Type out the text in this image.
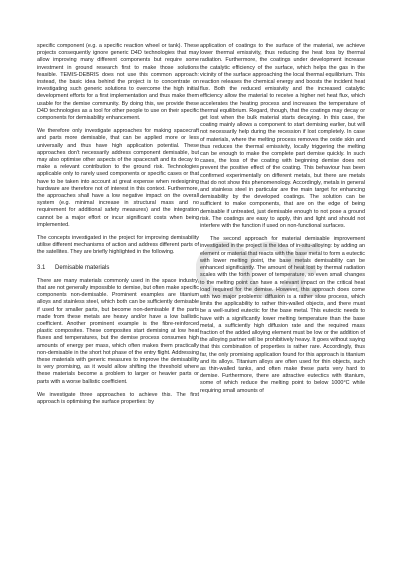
specific component (e.g. a specific reaction wheel or tank). These projects consequently ignore generic D4D technologies that may allow improving many different components but require some investment in ground research first to make those solutions feasible. TEMIS-DEBRIS does not use this common approach: instead, the basic idea behind the project is to concentrate on investigating such generic solutions to overcome the high initial development efforts for a first implementation and thus make them usable for the demise community. By doing this, we provide these D4D technologies as a tool for other people to use on their specific components for demisability enhancement.

We therefore only investigate approaches for making spacecraft and parts more demisable, that can be applied more or less universally and thus have high application potential. These approaches don't necessarily address component demisable, but may also optimise other aspects of the spacecraft and its decay to make a relevant contribution to the ground risk. Technologies applicable only to rarely used components or specific cases or that have to be taken into account at great expense when redesigning hardware are therefore not of interest in this context. Furthermore, the approaches shall have a low negative impact on the overall system (e.g. minimal increase in structural mass and no requirement for additional safety measures) and the integration cannot be a major effort or incur significant costs when being implemented.

The concepts investigated in the project for improving demisability utilise different mechanisms of action and address different parts of the satellites. They are briefly highlighted in the following.

3.1 Demisable materials

There are many materials commonly used in the space industry, that are not generally impossible to demise, but often make specific components non-demisable. Prominent examples are titanium alloys and stainless steel, which both can be sufficiently demisable if used for smaller parts, but become non-demisable if the parts made from these metals are heavy and/or have a low ballistic coefficient. Another prominent example is the fibre-reinforced plastic composites. These composites start demising at low heat fluxes and temperatures, but the demise process consumes high amounts of energy per mass, which often makes them practically non-demisable in the short hot phase of the entry flight. Addressing these materials with generic measures to improve the demisability is very promising, as it would allow shifting the threshold where these materials become a problem to larger or heavier parts or parts with a worse ballistic coefficient.

We investigate three approaches to achieve this. The first approach is optimising the surface properties: by

application of coatings to the surface of the material, we achieve lower thermal emissivity, thus reducing the heat loss by thermal radiation. Furthermore, the coatings under development increase the catalytic efficiency of the surface, which helps the gas in the vicinity of the surface approaching the local thermal equilibrium. This reaction releases the chemical energy and boosts the incident heat flux. Both the reduced emissivity and the increased catalytic efficiency allow the material to receive a higher net heat flux, which accelerates the heating process and increases the temperature of thermal equilibrium. Regard, though, that the coatings may decay or get lost when the bulk material starts decaying. In this case, the coating mainly allows a component to start demising earlier, but will not necessarily help during the recession if lost completely. In case of materials, where the melting process removes the oxide skin and thus reduces the thermal emissivity, locally triggering the melting can be enough to make the complete part demise quickly. In such cases, the loss of the coating with beginning demise does not prevent the positive effect of the coating. This behaviour has been confirmed experimentally on different metals, but there are metals that do not show this phenomenology. Accordingly, metals in general and stainless steel in particular are the main target for enhancing demisability by the developed coatings. The solution can be sufficient to make components, that are on the edge of being demisable if untreated, just demisable enough to not pose a ground risk. The coatings are easy to apply, thin and light and should not interfere with the function if used on non-functional surfaces.

The second approach for material demisable improvement investigated in the project is the idea of in-situ-alloying: by adding an element or material that reacts with the base metal to form a eutectic with lower melting point, the base metals demisability can be enhanced significantly. The amount of heat lost by thermal radiation scales with the forth power of temperature, so even small changes to the melting point can have a relevant impact on the critical heat load required for the demise. However, this approach does come with two major problems: diffusion is a rather slow process, which limits the applicability to rather thin-walled objects, and there must be a well-suited eutectic for the base metal. This eutectic needs to have with a significantly lower melting temperature than the base metal, a sufficiently high diffusion rate and the required mass fraction of the added alloying element must be low or the addition of the alloying partner will be prohibitively heavy. It goes without saying that this combination of properties is rather rare. Accordingly, thus far, the only promising application found for this approach is titanium and its alloys. Titanium alloys are often used for thin objects, such as thin-walled tanks, and often make these parts very hard to demise. Furthermore, there are attractive eutectics with titanium, some of which reduce the melting point to below 1000°C while requiring small amounts of
